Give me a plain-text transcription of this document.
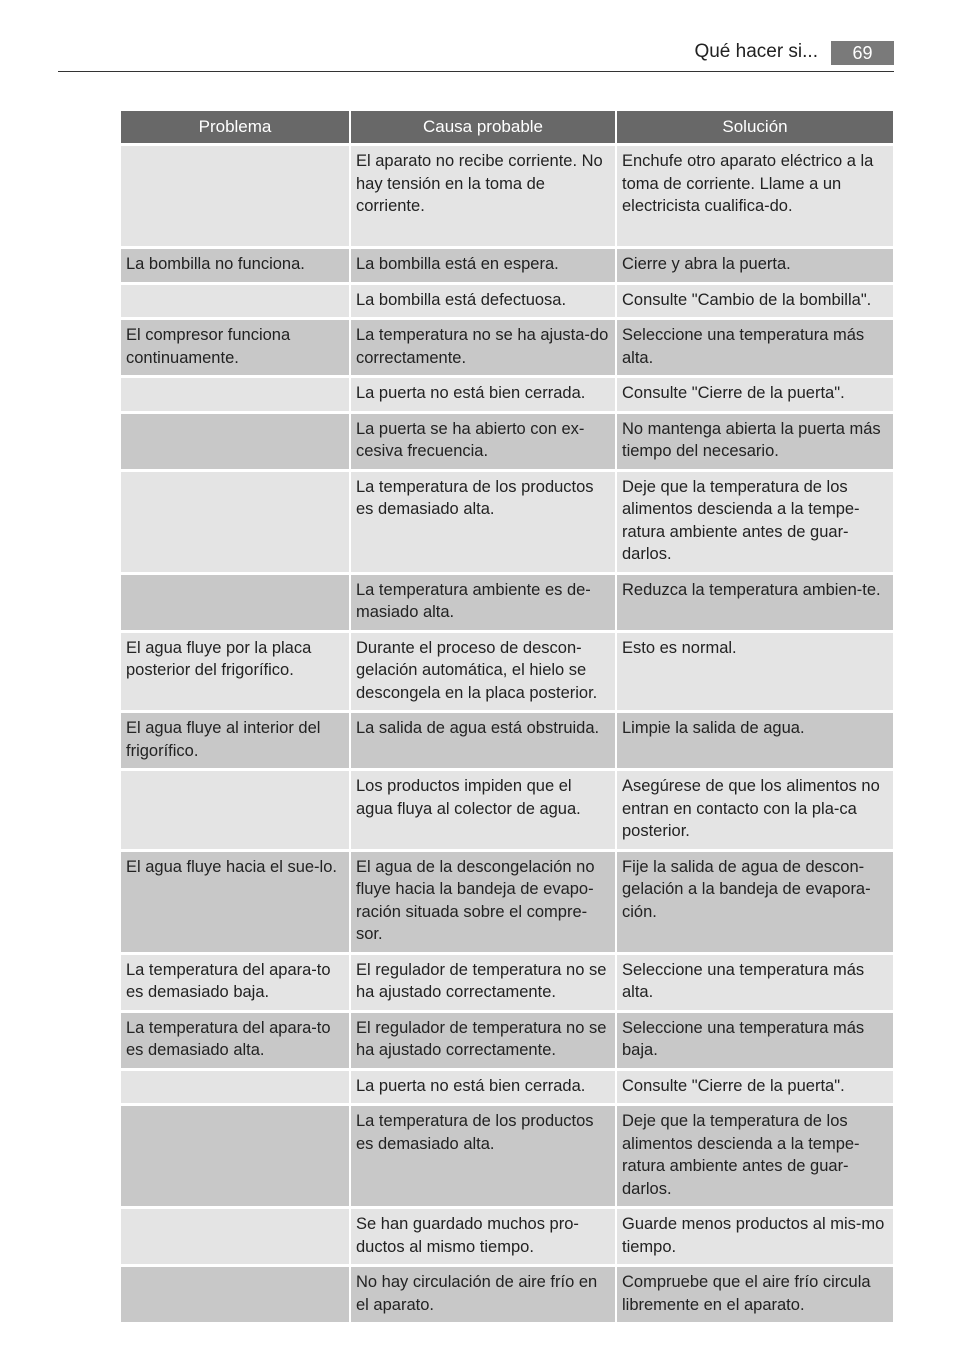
Qué hacer si...	69
Problema	Causa probable	Solución
	El aparato no recibe corriente. No hay tensión en la toma de corriente.	Enchufe otro aparato eléctrico a la toma de corriente. Llame a un electricista cualifica-do.
La bombilla no funciona.	La bombilla está en espera.	Cierre y abra la puerta.
	La bombilla está defectuosa.	Consulte "Cambio de la bombilla".
El compresor funciona continuamente.	La temperatura no se ha ajusta-do correctamente.	Seleccione una temperatura más alta.
	La puerta no está bien cerrada.	Consulte "Cierre de la puerta".
	La puerta se ha abierto con ex-cesiva frecuencia.	No mantenga abierta la puerta más tiempo del necesario.
	La temperatura de los productos es demasiado alta.	Deje que la temperatura de los alimentos descienda a la tempe-ratura ambiente antes de guar-darlos.
	La temperatura ambiente es de-masiado alta.	Reduzca la temperatura ambien-te.
El agua fluye por la placa posterior del frigorífico.	Durante el proceso de descon-gelación automática, el hielo se descongela en la placa posterior.	Esto es normal.
El agua fluye al interior del frigorífico.	La salida de agua está obstruida.	Limpie la salida de agua.
	Los productos impiden que el agua fluya al colector de agua.	Asegúrese de que los alimentos no entran en contacto con la pla-ca posterior.
El agua fluye hacia el sue-lo.	El agua de la descongelación no fluye hacia la bandeja de evapo-ración situada sobre el compre-sor.	Fije la salida de agua de descon-gelación a la bandeja de evapora-ción.
La temperatura del apara-to es demasiado baja.	El regulador de temperatura no se ha ajustado correctamente.	Seleccione una temperatura más alta.
La temperatura del apara-to es demasiado alta.	El regulador de temperatura no se ha ajustado correctamente.	Seleccione una temperatura más baja.
	La puerta no está bien cerrada.	Consulte "Cierre de la puerta".
	La temperatura de los productos es demasiado alta.	Deje que la temperatura de los alimentos descienda a la tempe-ratura ambiente antes de guar-darlos.
	Se han guardado muchos pro-ductos al mismo tiempo.	Guarde menos productos al mis-mo tiempo.
	No hay circulación de aire frío en el aparato.	Compruebe que el aire frío circula libremente en el aparato.
